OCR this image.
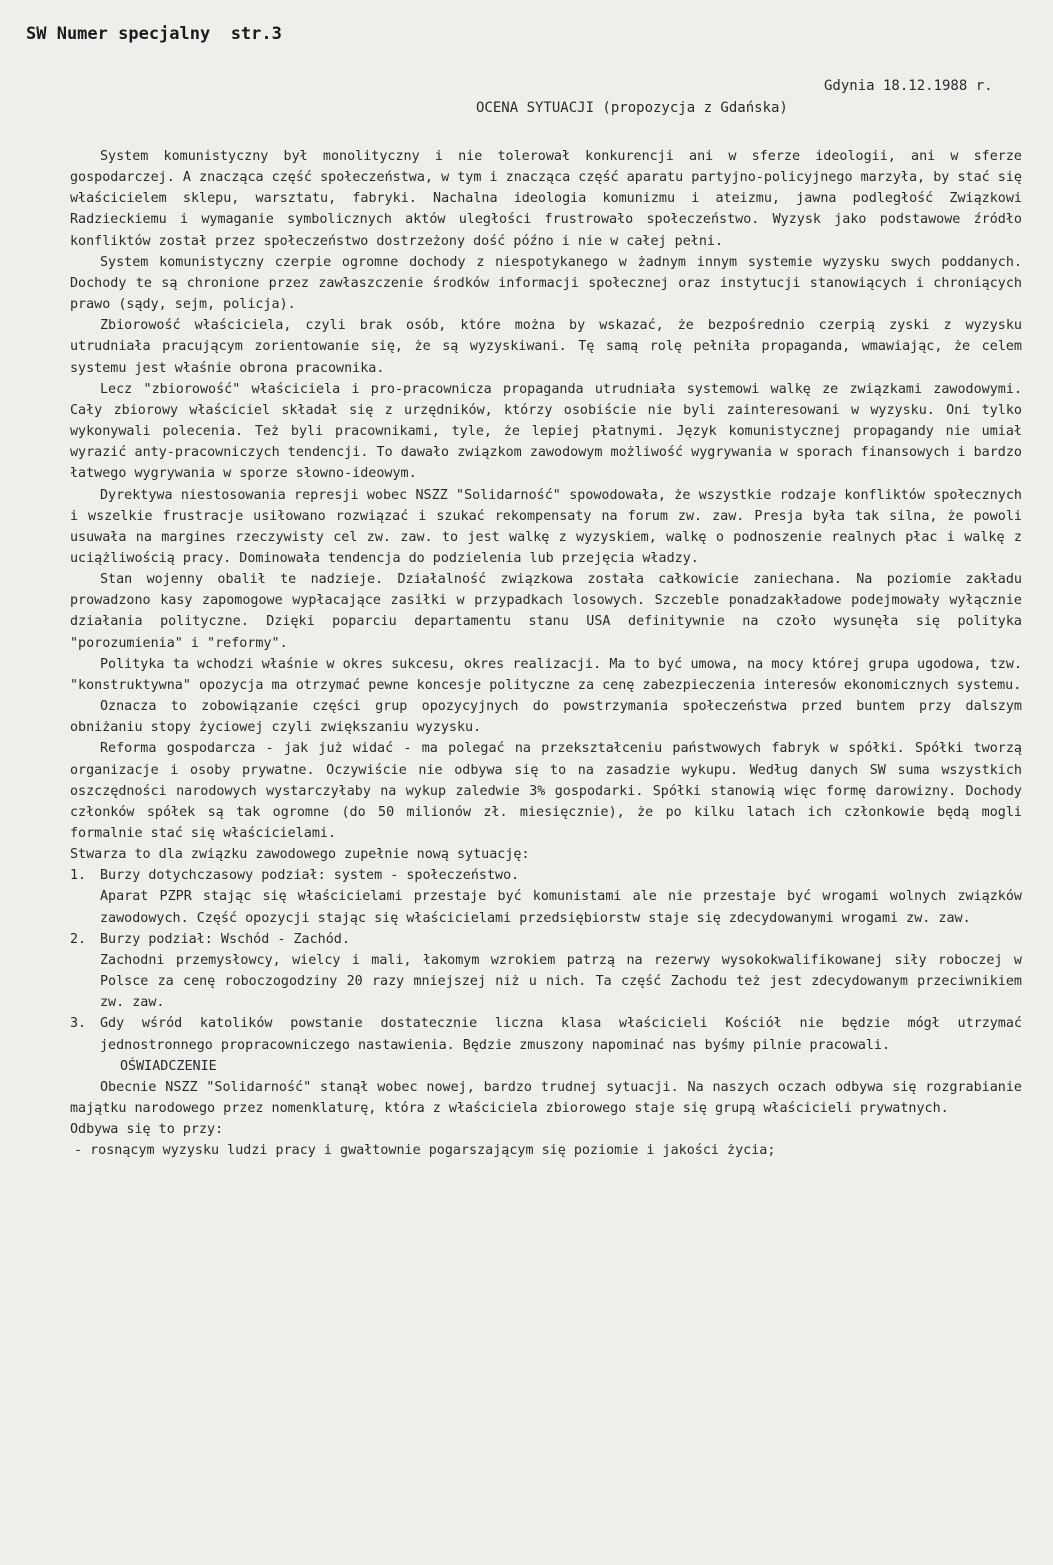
SW Numer specjalny  str.3
Gdynia 18.12.1988 r.
OCENA SYTUACJI (propozycja z Gdańska)

System komunistyczny był monolityczny i nie tolerował konkurencji ani w sferze ideologii, ani w sferze gospodarczej. A znacząca część społeczeństwa, w tym i znacząca część aparatu partyjno-policyjnego marzyła, by stać się właścicielem sklepu, warsztatu, fabryki. Nachalna ideologia komunizmu i ateizmu, jawna podległość Związkowi Radzieckiemu i wymaganie symbolicznych aktów uległości frustrowało społeczeństwo. Wyzysk jako podstawowe źródło konfliktów został przez społeczeństwo dostrzeżony dość późno i nie w całej pełni.

System komunistyczny czerpie ogromne dochody z niespotykanego w żadnym innym systemie wyzysku swych poddanych. Dochody te są chronione przez zawłaszczenie środków informacji społecznej oraz instytucji stanowiących i chroniących prawo (sądy, sejm, policja).

Zbiorowość właściciela, czyli brak osób, które można by wskazać, że bezpośrednio czerpią zyski z wyzysku utrudniała pracującym zorientowanie się, że są wyzyskiwani. Tę samą rolę pełniła propaganda, wmawiając, że celem systemu jest właśnie obrona pracownika.

Lecz "zbiorowość" właściciela i pro-pracownicza propaganda utrudniała systemowi walkę ze związkami zawodowymi. Cały zbiorowy właściciel składał się z urzędników, którzy osobiście nie byli zainteresowani w wyzysku. Oni tylko wykonywali polecenia. Też byli pracownikami, tyle, że lepiej płatnymi. Język komunistycznej propagandy nie umiał wyrazić anty-pracowniczych tendencji. To dawało związkom zawodowym możliwość wygrywania w sporach finansowych i bardzo łatwego wygrywania w sporze słowno-ideowym.

Dyrektywa niestosowania represji wobec NSZZ "Solidarność" spowodowała, że wszystkie rodzaje konfliktów społecznych i wszelkie frustracje usiłowano rozwiązać i szukać rekompensaty na forum zw. zaw. Presja była tak silna, że powoli usuwała na margines rzeczywisty cel zw. zaw. to jest walkę z wyzyskiem, walkę o podnoszenie realnych płac i walkę z uciążliwością pracy. Dominowała tendencja do podzielenia lub przejęcia władzy.

Stan wojenny obalił te nadzieje. Działalność związkowa została całkowicie zaniechana. Na poziomie zakładu prowadzono kasy zapomogowe wypłacające zasiłki w przypadkach losowych. Szczeble ponadzakładowe podejmowały wyłącznie działania polityczne. Dzięki poparciu departamentu stanu USA definitywnie na czoło wysunęła się polityka "porozumienia" i "reformy".

Polityka ta wchodzi właśnie w okres sukcesu, okres realizacji. Ma to być umowa, na mocy której grupa ugodowa, tzw. "konstruktywna" opozycja ma otrzymać pewne koncesje polityczne za cenę zabezpieczenia interesów ekonomicznych systemu.

Oznacza to zobowiązanie części grup opozycyjnych do powstrzymania społeczeństwa przed buntem przy dalszym obniżaniu stopy życiowej czyli zwiększaniu wyzysku.

Reforma gospodarcza - jak już widać - ma polegać na przekształceniu państwowych fabryk w spółki. Spółki tworzą organizacje i osoby prywatne. Oczywiście nie odbywa się to na zasadzie wykupu. Według danych SW suma wszystkich oszczędności narodowych wystarczyłaby na wykup zaledwie 3% gospodarki. Spółki stanowią więc formę darowizny. Dochody członków spółek są tak ogromne (do 50 milionów zł. miesięcznie), że po kilku latach ich członkowie będą mogli formalnie stać się właścicielami.

Stwarza to dla związku zawodowego zupełnie nową sytuację:

1. Burzy dotychczasowy podział: system - społeczeństwo.

Aparat PZPR stając się właścicielami przestaje być komunistami ale nie przestaje być wrogami wolnych związków zawodowych. Część opozycji stając się właścicielami przedsiębiorstw staje się zdecydowanymi wrogami zw. zaw.

2. Burzy podział: Wschód - Zachód.

Zachodni przemysłowcy, wielcy i mali, łakomym wzrokiem patrzą na rezerwy wysokokwalifikowanej siły roboczej w Polsce za cenę roboczogodziny 20 razy mniejszej niż u nich. Ta część Zachodu też jest zdecydowanym przeciwnikiem zw. zaw.

3. Gdy wśród katolików powstanie dostatecznie liczna klasa właścicieli Kościół nie będzie mógł utrzymać jednostronnego propracowniczego nastawienia. Będzie zmuszony napominać nas byśmy pilnie pracowali.

OŚWIADCZENIE

Obecnie NSZZ "Solidarność" stanął wobec nowej, bardzo trudnej sytuacji. Na naszych oczach odbywa się rozgrabianie majątku narodowego przez nomenklaturę, która z właściciela zbiorowego staje się grupą właścicieli prywatnych.

Odbywa się to przy:

- rosnącym wyzysku ludzi pracy i gwałtownie pogarszającym się poziomie i jakości życia;
